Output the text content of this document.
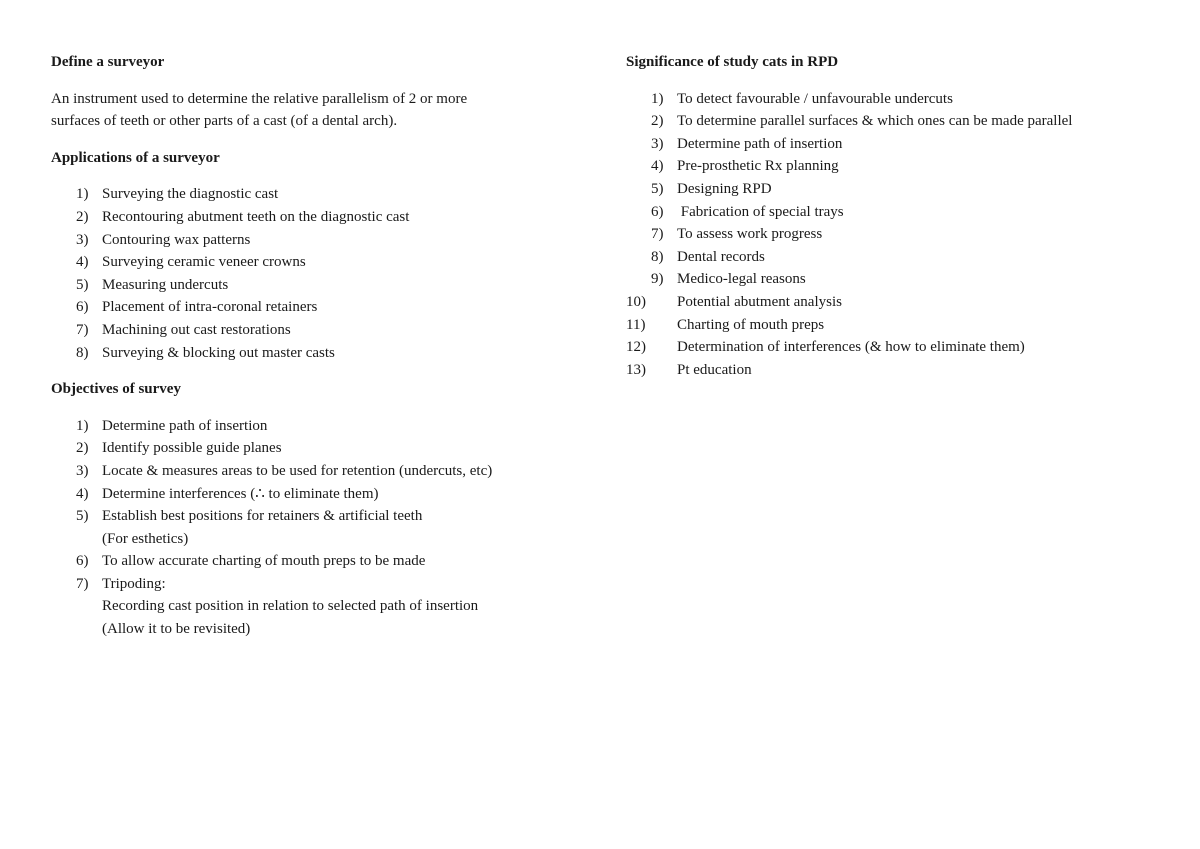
Define a surveyor
An instrument used to determine the relative parallelism of 2 or more
surfaces of teeth or other parts of a cast (of a dental arch).
Applications of a surveyor
1) Surveying the diagnostic cast
2) Recontouring abutment teeth on the diagnostic cast
3) Contouring wax patterns
4) Surveying ceramic veneer crowns
5) Measuring undercuts
6) Placement of intra-coronal retainers
7) Machining out cast restorations
8) Surveying & blocking out master casts
Objectives of survey
1) Determine path of insertion
2) Identify possible guide planes
3) Locate & measures areas to be used for retention (undercuts, etc)
4) Determine interferences (∴ to eliminate them)
5) Establish best positions for retainers & artificial teeth
(For esthetics)
6) To allow accurate charting of mouth preps to be made
7) Tripoding:
Recording cast position in relation to selected path of insertion
(Allow it to be revisited)
Significance of study cats in RPD
1) To detect favourable / unfavourable undercuts
2) To determine parallel surfaces & which ones can be made parallel
3) Determine path of insertion
4) Pre-prosthetic Rx planning
5) Designing RPD
6) Fabrication of special trays
7) To assess work progress
8) Dental records
9) Medico-legal reasons
10) Potential abutment analysis
11) Charting of mouth preps
12) Determination of interferences (& how to eliminate them)
13) Pt education
